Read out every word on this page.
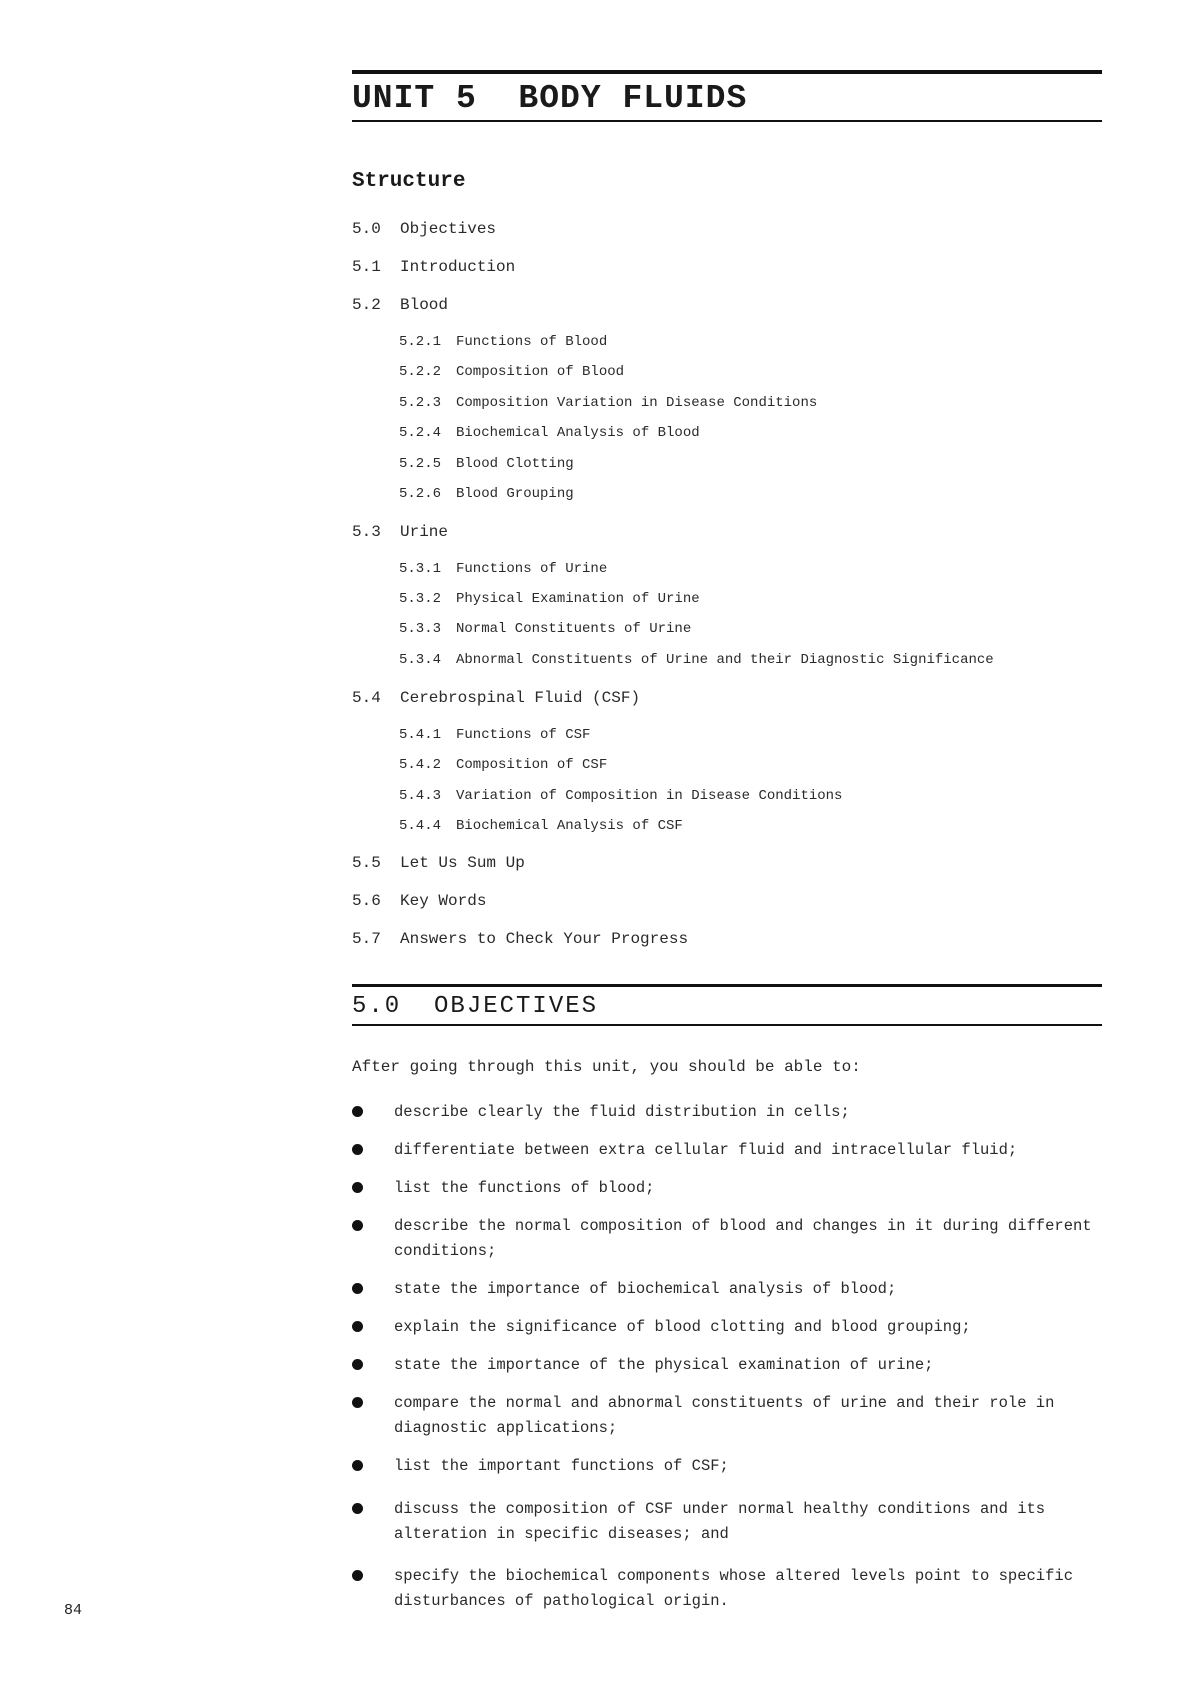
UNIT 5  BODY FLUIDS
Structure
5.0 Objectives
5.1 Introduction
5.2 Blood
5.2.1 Functions of Blood
5.2.2 Composition of Blood
5.2.3 Composition Variation in Disease Conditions
5.2.4 Biochemical Analysis of Blood
5.2.5 Blood Clotting
5.2.6 Blood Grouping
5.3 Urine
5.3.1 Functions of Urine
5.3.2 Physical Examination of Urine
5.3.3 Normal Constituents of Urine
5.3.4 Abnormal Constituents of Urine and their Diagnostic Significance
5.4 Cerebrospinal Fluid (CSF)
5.4.1 Functions of CSF
5.4.2 Composition of CSF
5.4.3 Variation of Composition in Disease Conditions
5.4.4 Biochemical Analysis of CSF
5.5 Let Us Sum Up
5.6 Key Words
5.7 Answers to Check Your Progress
5.0  OBJECTIVES
After going through this unit, you should be able to:
describe clearly the fluid distribution in cells;
differentiate between extra cellular fluid and intracellular fluid;
list the functions of blood;
describe the normal composition of blood and changes in it during different conditions;
state the importance of biochemical analysis of blood;
explain the significance of blood clotting and blood grouping;
state the importance of the physical examination of urine;
compare the normal and abnormal constituents of urine and their role in diagnostic applications;
list the important functions of CSF;
discuss the composition of CSF under normal healthy conditions and its alteration in specific diseases; and
specify the biochemical components whose altered levels point to specific disturbances of pathological origin.
84
